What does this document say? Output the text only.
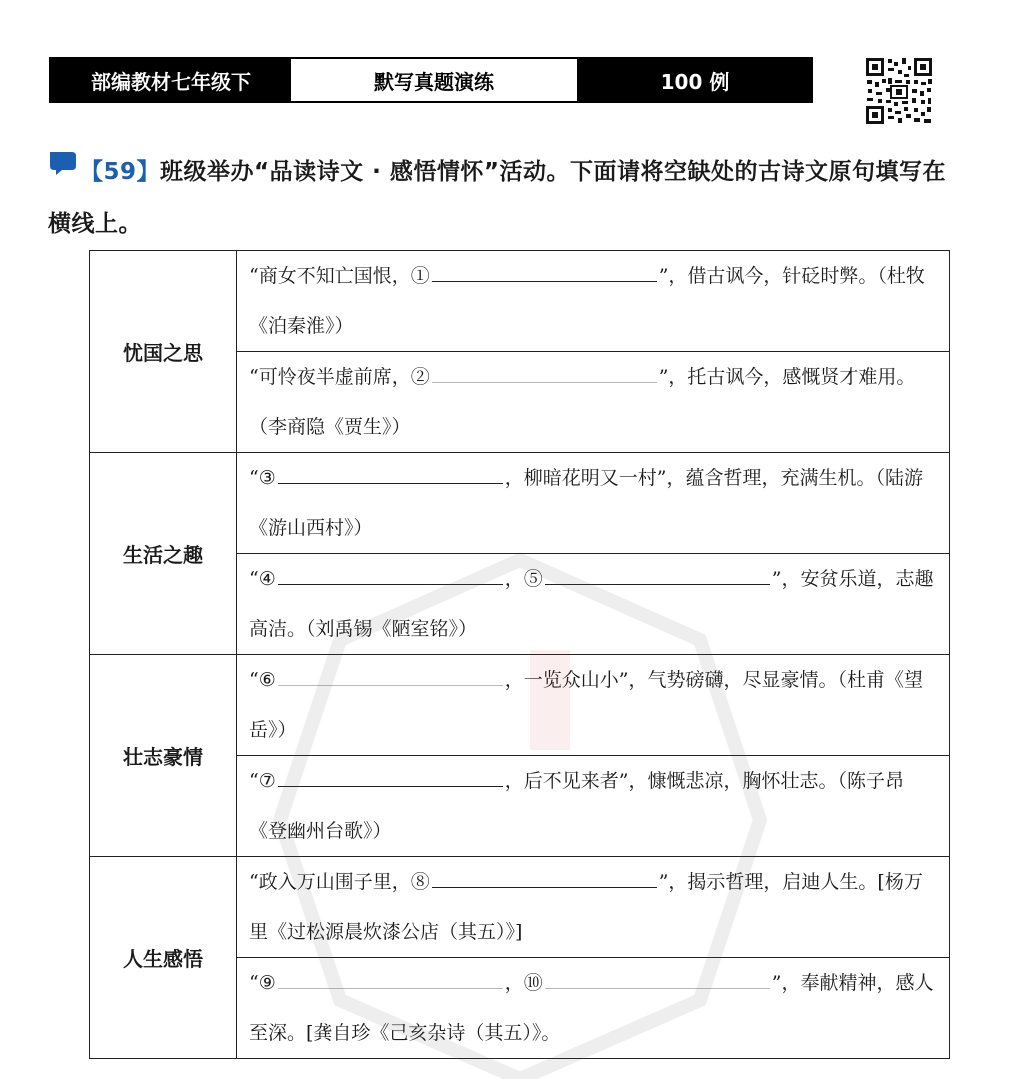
部编教材七年级下	默写真题演练	100 例
【59】班级举办“品读诗文 · 感悟情怀”活动。下面请将空缺处的古诗文原句填写在横线上。
忧国之思	“商女不知亡国恨，① ”，借古讽今，针砭时弊。（杜牧《泊秦淮》）
	“可怜夜半虚前席，② ”，托古讽今，感慨贤才难用。（李商隐《贾生》）
生活之趣	“③ ，柳暗花明又一村”，蕴含哲理，充满生机。（陆游《游山西村》）
	“④ ，⑤ ”，安贫乐道，志趣高洁。（刘禹锡《陋室铭》）
壮志豪情	“⑥ ，一览众山小”，气势磅礴，尽显豪情。（杜甫《望岳》）
	“⑦ ，后不见来者”，慷慨悲凉，胸怀壮志。（陈子昂《登幽州台歌》）
人生感悟	“政入万山围子里，⑧ ”，揭示哲理，启迪人生。[杨万里《过松源晨炊漆公店（其五）》]
	“⑨ ，⑩ ”，奉献精神，感人至深。[龚自珍《己亥杂诗（其五）》。
